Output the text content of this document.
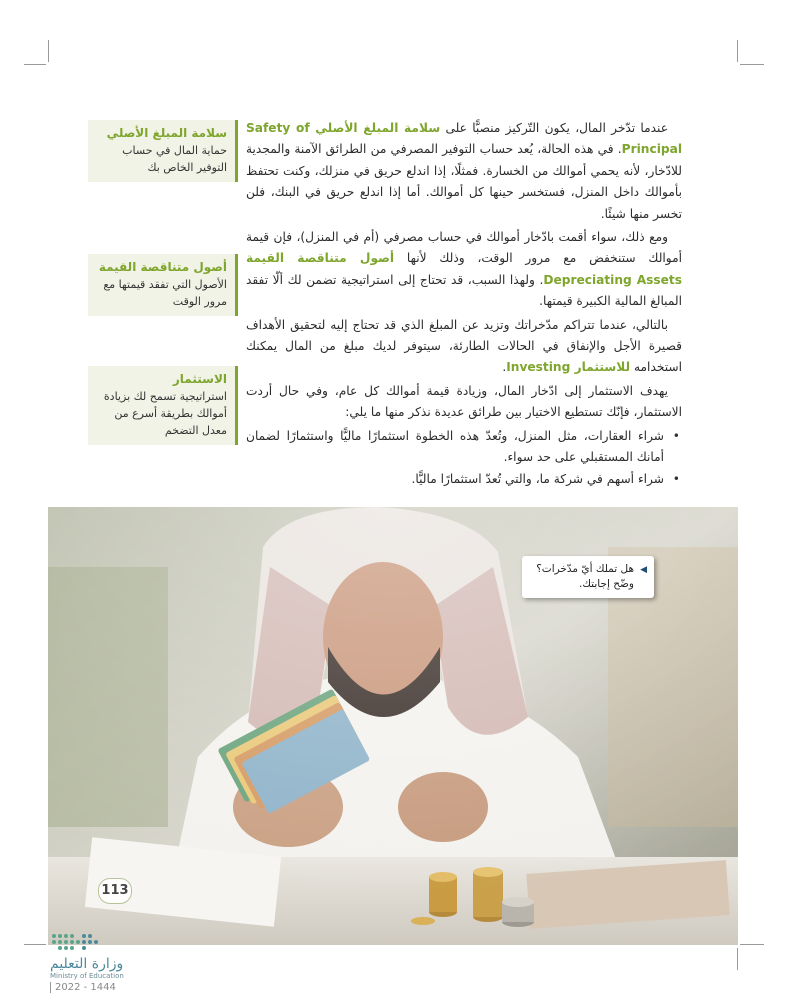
عندما تدّخر المال، يكون التّركيز منصبًّا على سلامة المبلغ الأصلي Safety of Principal. في هذه الحالة، يُعد حساب التوفير المصرفي من الطرائق الآمنة والمجدية للادّخار، لأنه يحمي أموالك من الخسارة. فمثلًا، إذا اندلع حريق في منزلك، وكنت تحتفظ بأموالك داخل المنزل، فستخسر حينها كل أموالك. أما إذا اندلع حريق في البنك، فلن تخسر منها شيئًا.

ومع ذلك، سواء أقمت بادّخار أموالك في حساب مصرفي (أم في المنزل)، فإن قيمة أموالك ستنخفض مع مرور الوقت، وذلك لأنها أصول متناقصة القيمة Depreciating Assets. ولهذا السبب، قد تحتاج إلى استراتيجية تضمن لك ألّا تفقد المبالغ المالية الكبيرة قيمتها.

بالتالي، عندما تتراكم مدّخراتك وتزيد عن المبلغ الذي قد تحتاج إليه لتحقيق الأهداف قصيرة الأجل والإنفاق في الحالات الطارئة، سيتوفر لديك مبلغ من المال يمكنك استخدامه للاستثمار Investing.

يهدف الاستثمار إلى ادّخار المال، وزيادة قيمة أموالك كل عام، وفي حال أردت الاستثمار، فإنّك تستطيع الاختيار بين طرائق عديدة نذكر منها ما يلي:

• شراء العقارات، مثل المنزل، وتُعدّ هذه الخطوة استثمارًا ماليًّا واستثمارًا لضمان أمانك المستقبلي على حد سواء.
• شراء أسهم في شركة ما، والتي تُعدّ استثمارًا ماليًّا.
سلامة المبلغ الأصلي
حماية المال في حساب التوفير الخاص بك
أصول متناقصة القيمة
الأصول التي تفقد قيمتها مع مرور الوقت
الاستثمار
استراتيجية تسمح لك بزيادة أموالك بطريقة أسرع من معدل التضخم
◀
هل تملك أيّ مدّخرات؟ وضّح إجابتك.
113
وزارة التعليم
Ministry of Education
2022 - 1444
